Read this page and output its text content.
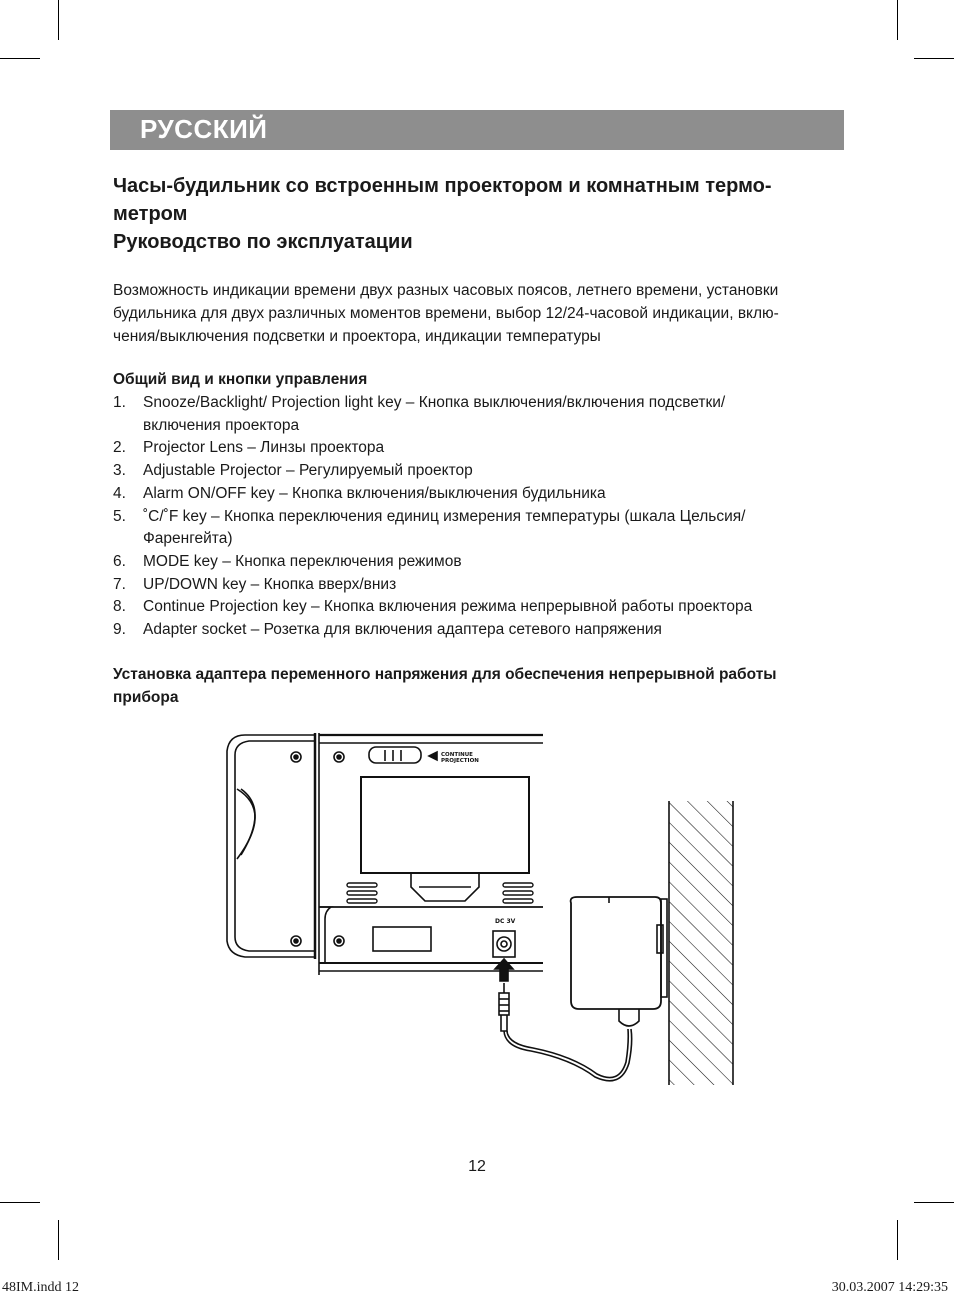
РУССКИЙ
Часы-будильник со встроенным проектором и комнатным термо-
метром
Руководство по эксплуатации
Возможность индикации времени двух разных часовых поясов, летнего времени, установки
будильника для двух различных моментов времени, выбор 12/24-часовой индикации, вклю-
чения/выключения подсветки и проектора, индикации температуры
Общий вид и кнопки управления
1. Snooze/Backlight/ Projection light key – Кнопка выключения/включения подсветки/
включения проектора
2. Projector Lens – Линзы проектора
3. Adjustable Projector – Регулируемый проектор
4. Alarm ON/OFF key – Кнопка включения/выключения будильника
5. ˚C/˚F key – Кнопка переключения единиц измерения температуры (шкала Цельсия/
Фаренгейта)
6. MODE key – Кнопка переключения режимов
7. UP/DOWN key – Кнопка вверх/вниз
8. Continue Projection key – Кнопка включения режима непрерывной работы проектора
9. Adapter socket – Розетка для включения адаптера сетевого напряжения
Установка адаптера переменного напряжения для обеспечения непрерывной работы
прибора
CONTINUE
PROJECTION
DC 3V
12
48IM.indd 12	30.03.2007 14:29:35
